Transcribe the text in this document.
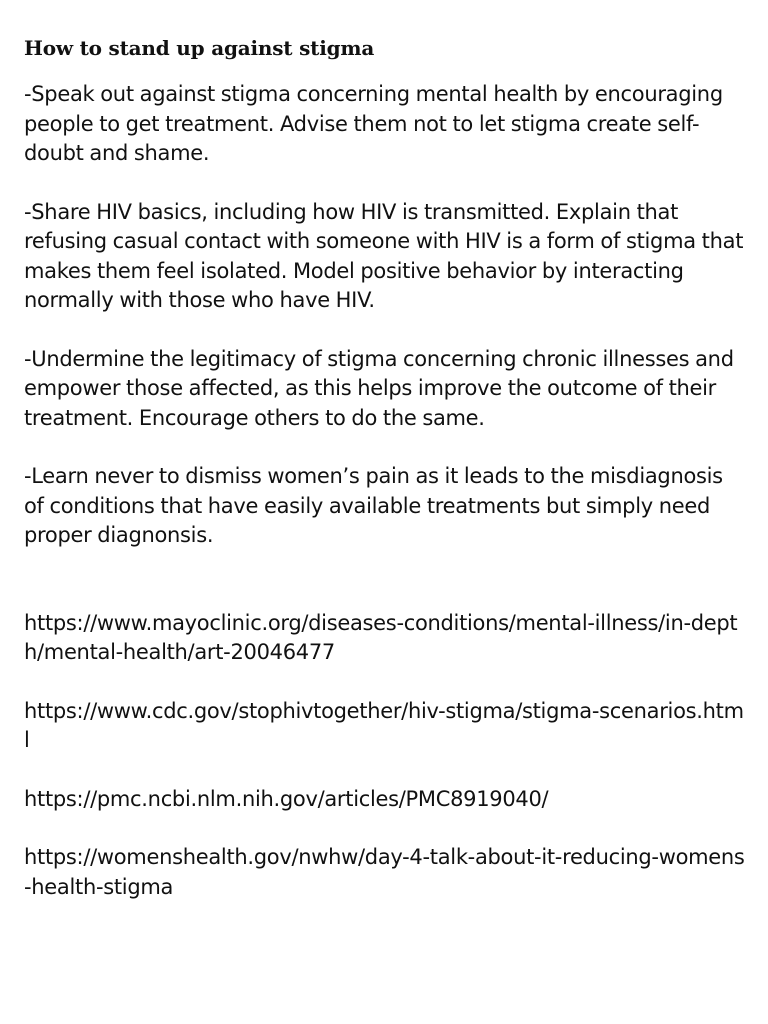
How to stand up against stigma

-Speak out against stigma concerning mental health by encouraging people to get treatment. Advise them not to let stigma create self-doubt and shame.

-Share HIV basics, including how HIV is transmitted. Explain that refusing casual contact with someone with HIV is a form of stigma that makes them feel isolated. Model positive behavior by interacting normally with those who have HIV.

-Undermine the legitimacy of stigma concerning chronic illnesses and empower those affected, as this helps improve the outcome of their treatment. Encourage others to do the same.

-Learn never to dismiss women’s pain as it leads to the misdiagnosis of conditions that have easily available treatments but simply need proper diagnonsis.

https://www.mayoclinic.org/diseases-conditions/mental-illness/in-depth/mental-health/art-20046477
https://www.cdc.gov/stophivtogether/hiv-stigma/stigma-scenarios.html
https://pmc.ncbi.nlm.nih.gov/articles/PMC8919040/
https://womenshealth.gov/nwhw/day-4-talk-about-it-reducing-womens-health-stigma
